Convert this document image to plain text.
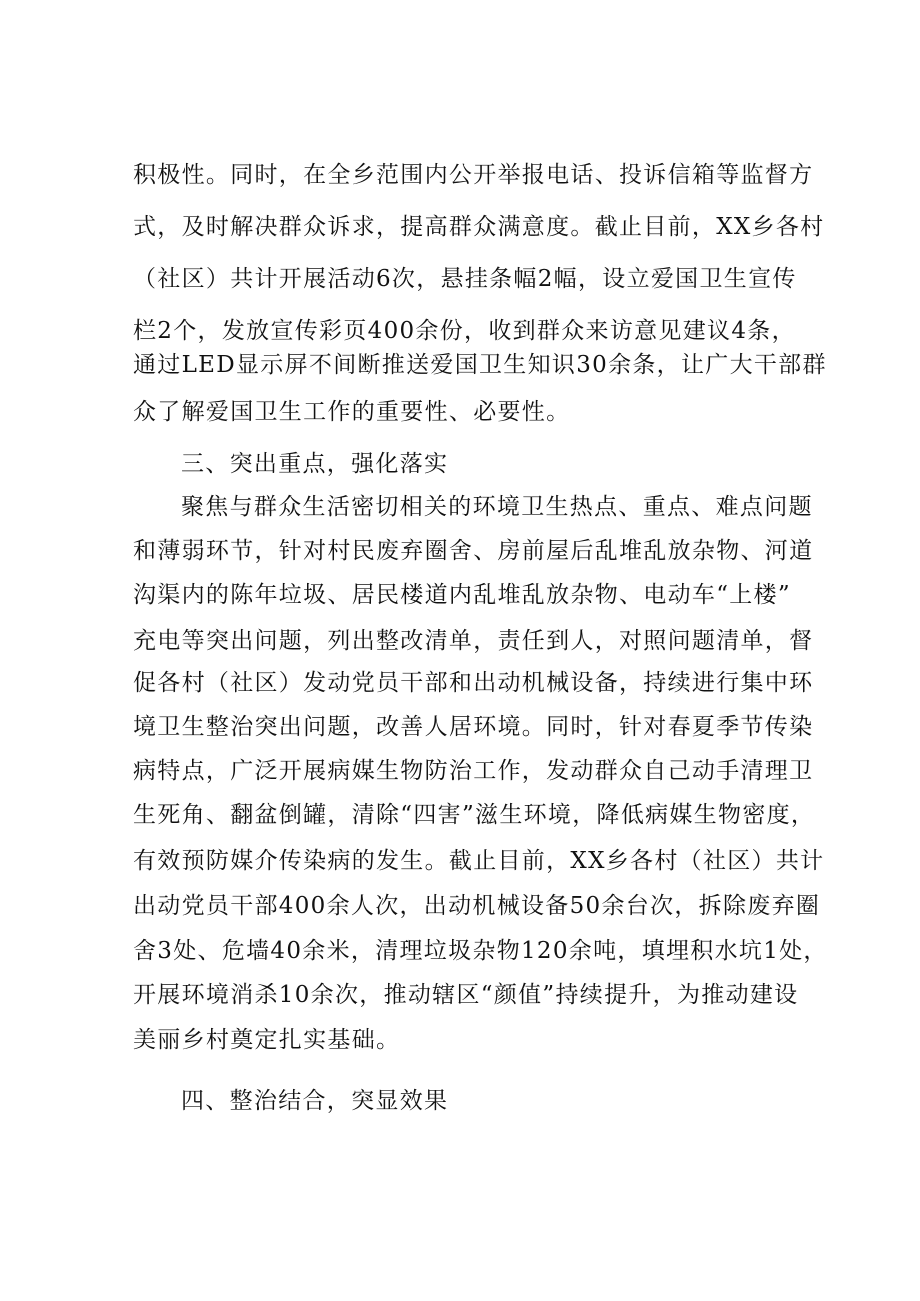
积极性。同时，在全乡范围内公开举报电话、投诉信箱等监督方
式，及时解决群众诉求，提高群众满意度。截止目前，XX乡各村
（社区）共计开展活动6次，悬挂条幅2幅，设立爱国卫生宣传
栏2个，发放宣传彩页400余份，收到群众来访意见建议4条，
通过LED显示屏不间断推送爱国卫生知识30余条，让广大干部群
众了解爱国卫生工作的重要性、必要性。
三、突出重点，强化落实
聚焦与群众生活密切相关的环境卫生热点、重点、难点问题
和薄弱环节，针对村民废弃圈舍、房前屋后乱堆乱放杂物、河道
沟渠内的陈年垃圾、居民楼道内乱堆乱放杂物、电动车“上楼”
充电等突出问题，列出整改清单，责任到人，对照问题清单，督
促各村（社区）发动党员干部和出动机械设备，持续进行集中环
境卫生整治突出问题，改善人居环境。同时，针对春夏季节传染
病特点，广泛开展病媒生物防治工作，发动群众自己动手清理卫
生死角、翻盆倒罐，清除“四害”滋生环境，降低病媒生物密度，
有效预防媒介传染病的发生。截止目前，XX乡各村（社区）共计
出动党员干部400余人次，出动机械设备50余台次，拆除废弃圈
舍3处、危墙40余米，清理垃圾杂物120余吨，填埋积水坑1处，
开展环境消杀10余次，推动辖区“颜值”持续提升，为推动建设
美丽乡村奠定扎实基础。
四、整治结合，突显效果
